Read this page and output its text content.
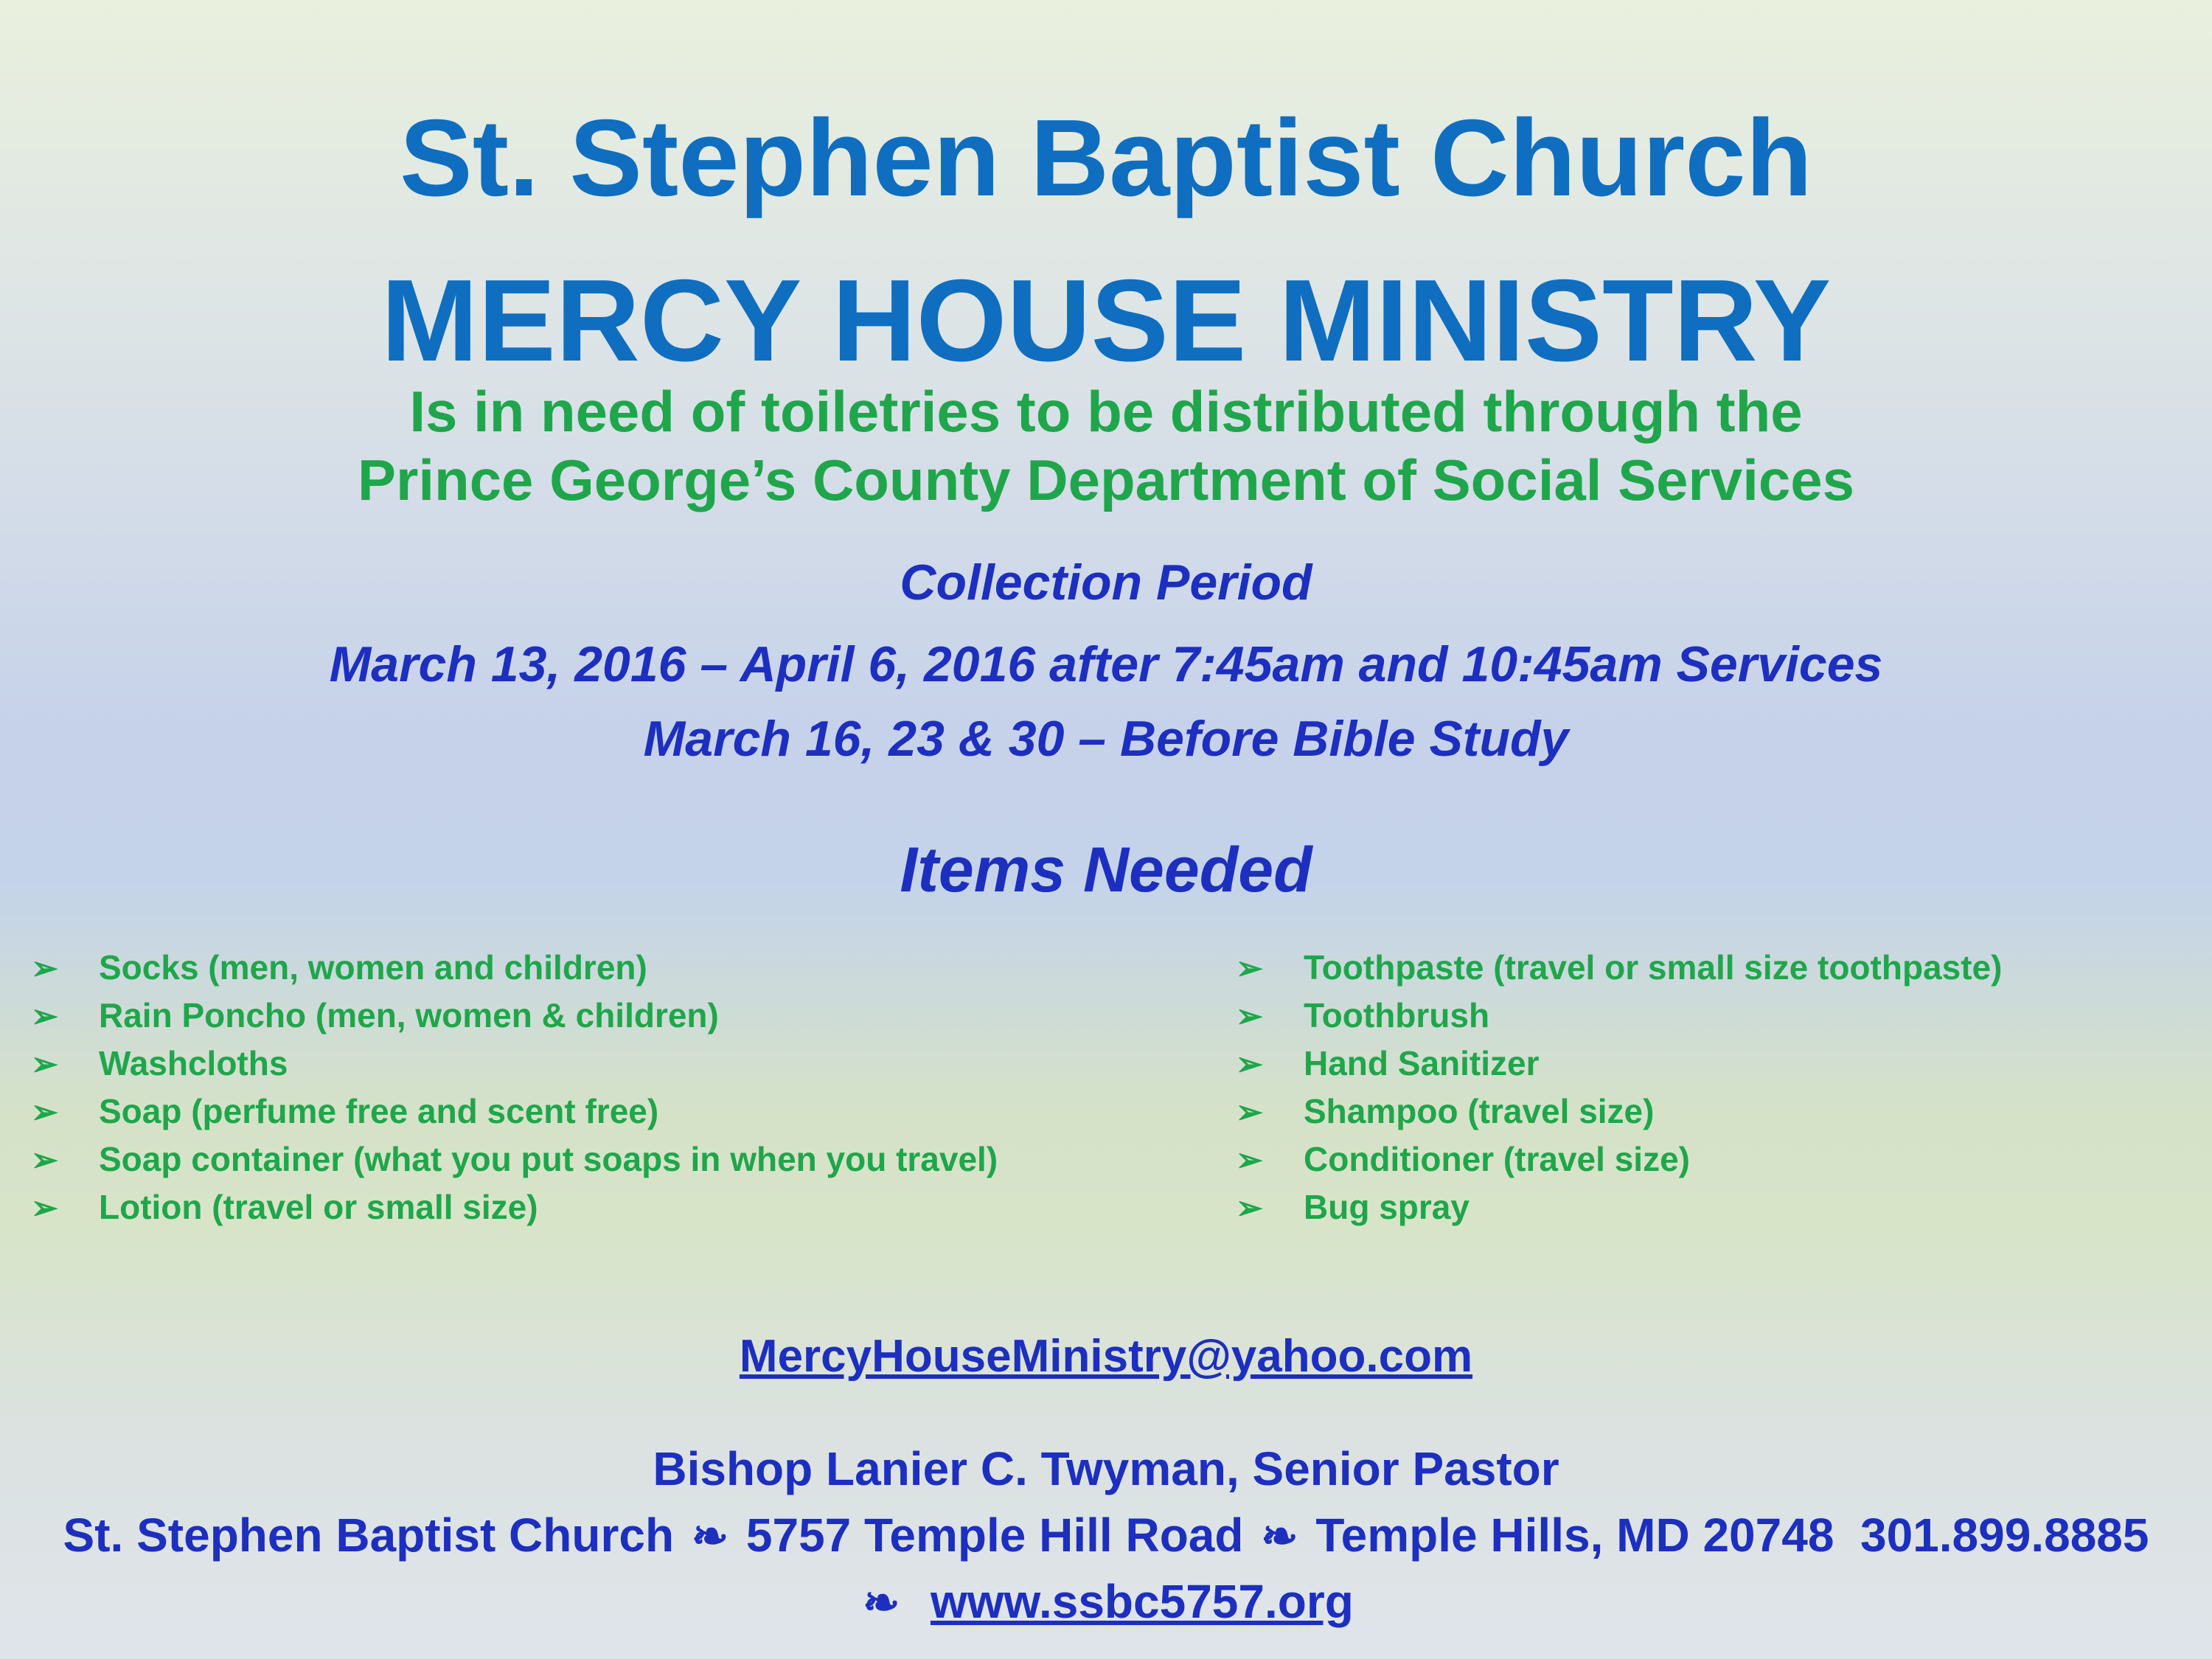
St. Stephen Baptist Church
MERCY HOUSE MINISTRY
Is in need of toiletries to be distributed through the
Prince George’s County Department of Social Services
Collection Period
March 13, 2016 – April 6, 2016 after 7:45am and 10:45am Services
March 16, 23 & 30 – Before Bible Study
Items Needed
➢ Socks (men, women and children)
➢ Rain Poncho (men, women & children)
➢ Washcloths
➢ Soap (perfume free and scent free)
➢ Soap container (what you put soaps in when you travel)
➢ Lotion (travel or small size)
➢ Toothpaste (travel or small size toothpaste)
➢ Toothbrush
➢ Hand Sanitizer
➢ Shampoo (travel size)
➢ Conditioner (travel size)
➢ Bug spray
MercyHouseMinistry@yahoo.com
Bishop Lanier C. Twyman, Senior Pastor
St. Stephen Baptist Church ❧ 5757 Temple Hill Road ❧ Temple Hills, MD 20748 301.899.8885
❧ www.ssbc5757.org
